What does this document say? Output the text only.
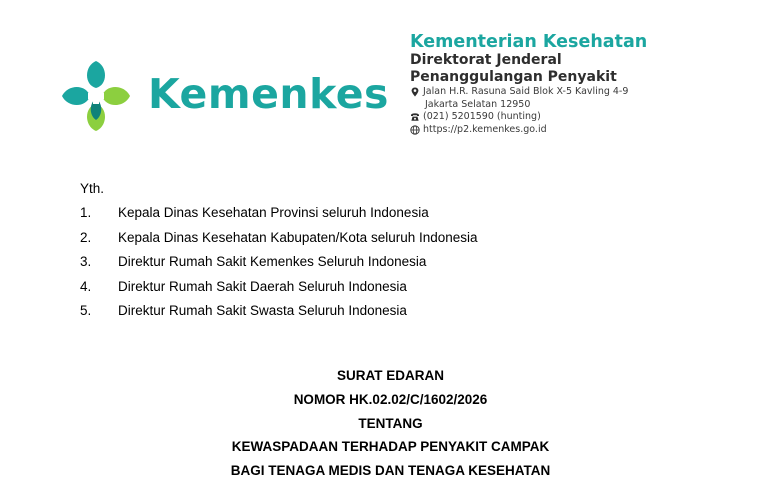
Kemenkes
Kementerian Kesehatan
Direktorat Jenderal
Penanggulangan Penyakit
Jalan H.R. Rasuna Said Blok X-5 Kavling 4-9
Jakarta Selatan 12950
(021) 5201590 (hunting)
https://p2.kemenkes.go.id
Yth.
1.	Kepala Dinas Kesehatan Provinsi seluruh Indonesia
2.	Kepala Dinas Kesehatan Kabupaten/Kota seluruh Indonesia
3.	Direktur Rumah Sakit Kemenkes Seluruh Indonesia
4.	Direktur Rumah Sakit Daerah Seluruh Indonesia
5.	Direktur Rumah Sakit Swasta Seluruh Indonesia
SURAT EDARAN
NOMOR HK.02.02/C/1602/2026
TENTANG
KEWASPADAAN TERHADAP PENYAKIT CAMPAK
BAGI TENAGA MEDIS DAN TENAGA KESEHATAN
